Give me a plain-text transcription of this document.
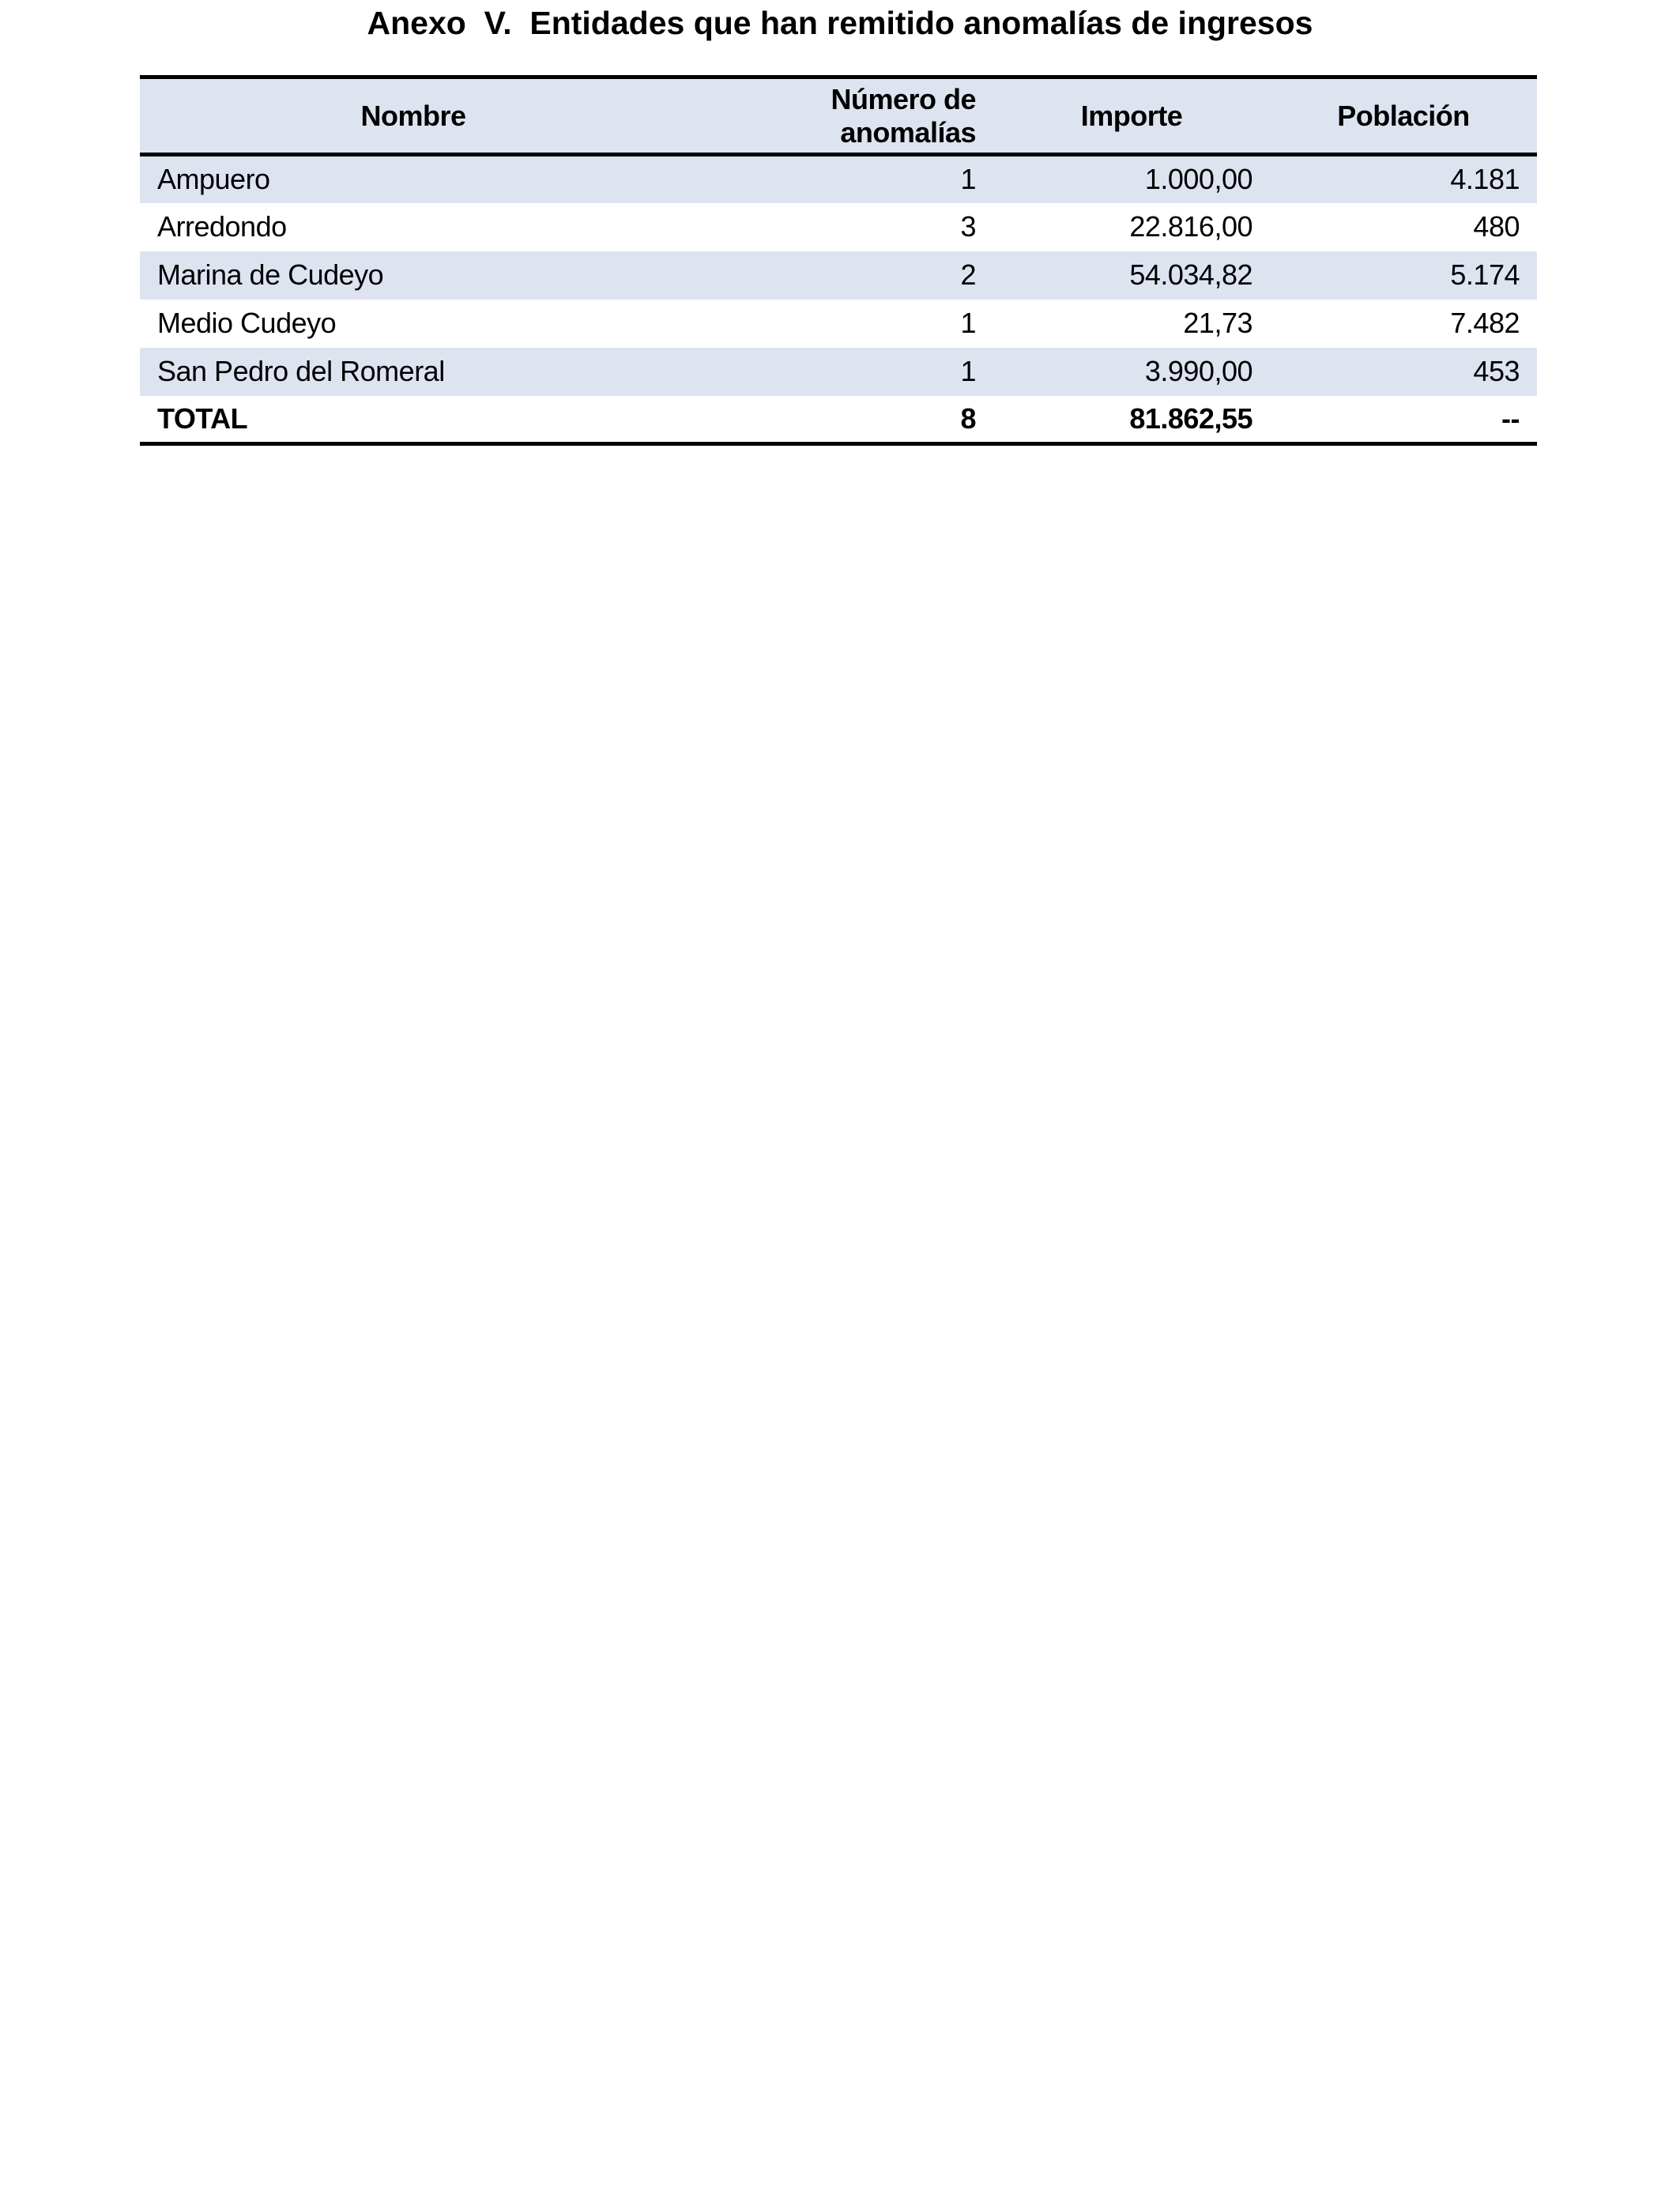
Anexo  V.  Entidades que han remitido anomalías de ingresos
Nombre	Número de anomalías	Importe	Población
Ampuero	1	1.000,00	4.181
Arredondo	3	22.816,00	480
Marina de Cudeyo	2	54.034,82	5.174
Medio Cudeyo	1	21,73	7.482
San Pedro del Romeral	1	3.990,00	453
TOTAL	8	81.862,55	--
